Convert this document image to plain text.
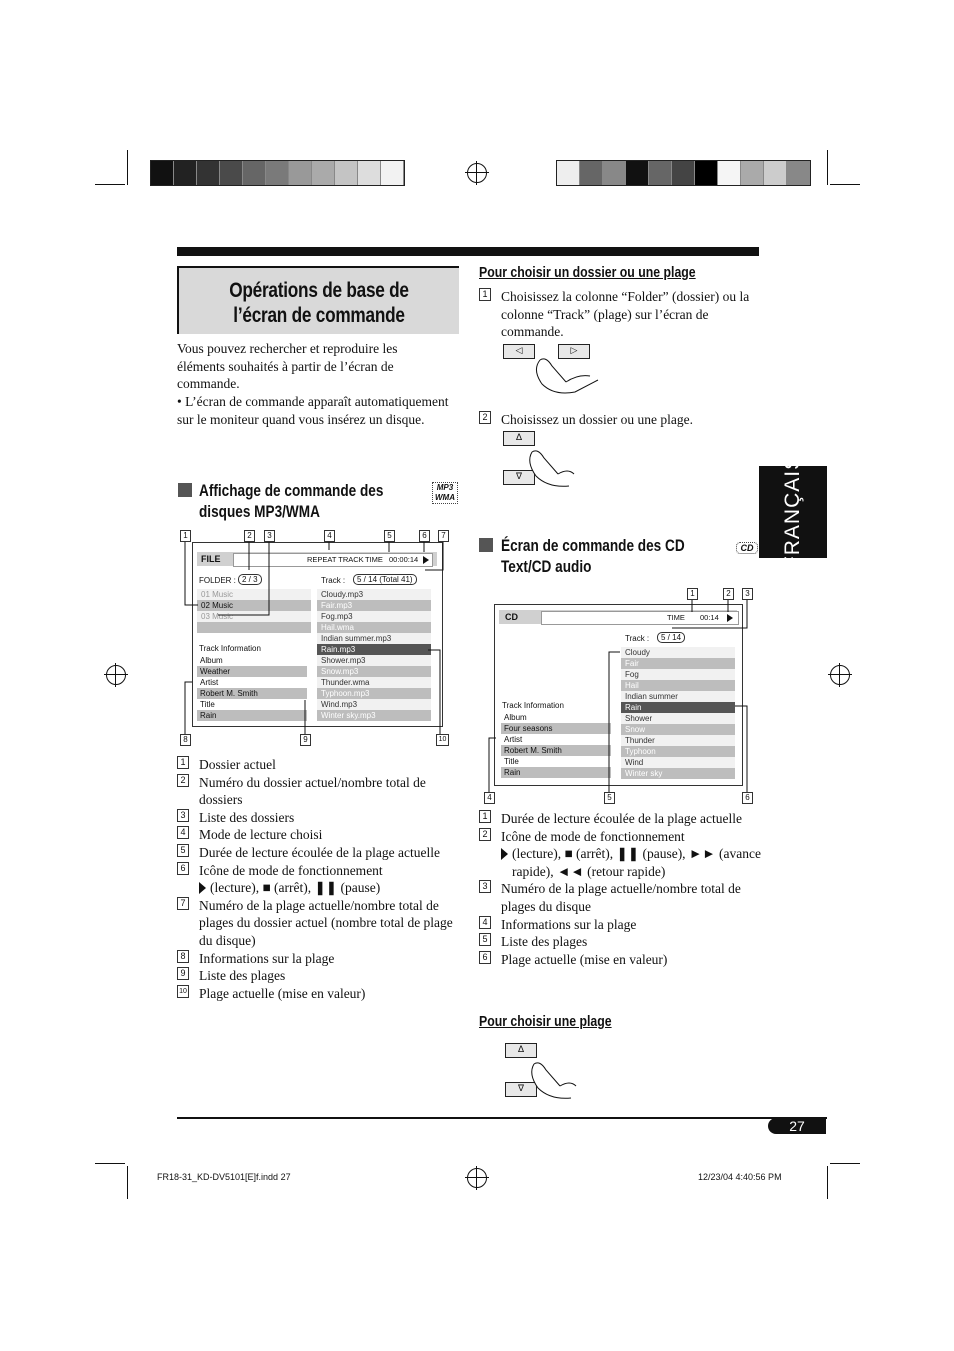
Opérations de base de l’écran de commande

Vous pouvez rechercher et reproduire les éléments souhaités à partir de l’écran de commande.

• L’écran de commande apparaît automatiquement sur le moniteur quand vous insérez un disque.

Affichage de commande des disques MP3/WMA
MP3 WMA
FILE	REPEAT TRACK TIME 00:00:14
FOLDER : 2 / 3	Track :	5 / 14 (Total 41)
01 Music
02 Music
03 Music
Cloudy.mp3
Fair.mp3
Fog.mp3
Hail.wma
Indian summer.mp3
Rain.mp3
Shower.mp3
Snow.mp3
Thunder.wma
Typhoon.mp3
Wind.mp3
Winter sky.mp3
Track Information
Album
Weather
Artist
Robert M. Smith
Title
Rain
1	2	3	4	5	6	7
8	9	10
1 Dossier actuel
2 Numéro du dossier actuel/nombre total de dossiers
3 Liste des dossiers
4 Mode de lecture choisi
5 Durée de lecture écoulée de la plage actuelle
6 Icône de mode de fonctionnement
(lecture), ■ (arrêt), ❚❚ (pause)
7 Numéro de la plage actuelle/nombre total de plages du dossier actuel (nombre total de plage du disque)
8 Informations sur la plage
9 Liste des plages
10 Plage actuelle (mise en valeur)
Pour choisir un dossier ou une plage
1 Choisissez la colonne “Folder” (dossier) ou la colonne “Track” (plage) sur l’écran de commande.
◁	▷
2 Choisissez un dossier ou une plage.
∆
∇	FRANÇAIS
Écran de commande des CD Text/CD audio
CD
CD	TIME 00:14
Track :	5 / 14
Cloudy
Fair
Fog
Hail
Indian summer
Rain
Shower
Snow
Thunder
Typhoon
Wind
Winter sky
Track Information
Album
Four seasons
Artist
Robert M. Smith
Title
Rain
1	2	3
4	5	6
1 Durée de lecture écoulée de la plage actuelle
2 Icône de mode de fonctionnement
(lecture), ■ (arrêt), ❚❚ (pause), ►► (avance rapide), ◄◄ (retour rapide)
3 Numéro de la plage actuelle/nombre total de plages du disque
4 Informations sur la plage
5 Liste des plages
6 Plage actuelle (mise en valeur)
Pour choisir une plage
∆
∇
27
FR18-31_KD-DV5101[E]f.indd 27	12/23/04 4:40:56 PM
